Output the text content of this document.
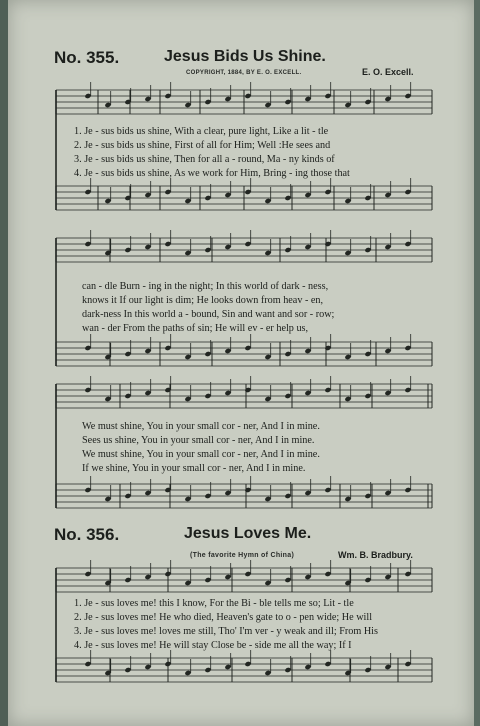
No. 355.	Jesus Bids Us Shine.
COPYRIGHT, 1884, BY E. O. EXCELL.	E. O. Excell.
1. Je - sus bids us shine, With a clear, pure light, Like a lit - tle
2. Je - sus bids us shine, First of all for Him; Well :He sees and
3. Je - sus bids us shine, Then for all a - round, Ma - ny kinds of
4. Je - sus bids us shine, As we work for Him, Bring - ing those that
can - dle Burn - ing in the night; In this world of dark - ness,
knows it If our light is dim; He looks down from heav - en,
dark-ness In this world a - bound, Sin and want and sor - row;
wan - der From the paths of sin; He will ev - er help us,
We must shine, You in your small cor - ner, And I in mine.
Sees us shine, You in your small cor - ner, And I in mine.
We must shine, You in your small cor - ner, And I in mine.
If we shine, You in your small cor - ner, And I in mine.
No. 356.	Jesus Loves Me.
(The favorite Hymn of China)	Wm. B. Bradbury.
1. Je - sus loves me! this I know, For the Bi - ble tells me so; Lit - tle
2. Je - sus loves me! He who died, Heaven's gate to o - pen wide; He will
3. Je - sus loves me! loves me still, Tho' I'm ver - y weak and ill; From His
4. Je - sus loves me! He will stay Close be - side me all the way; If I
